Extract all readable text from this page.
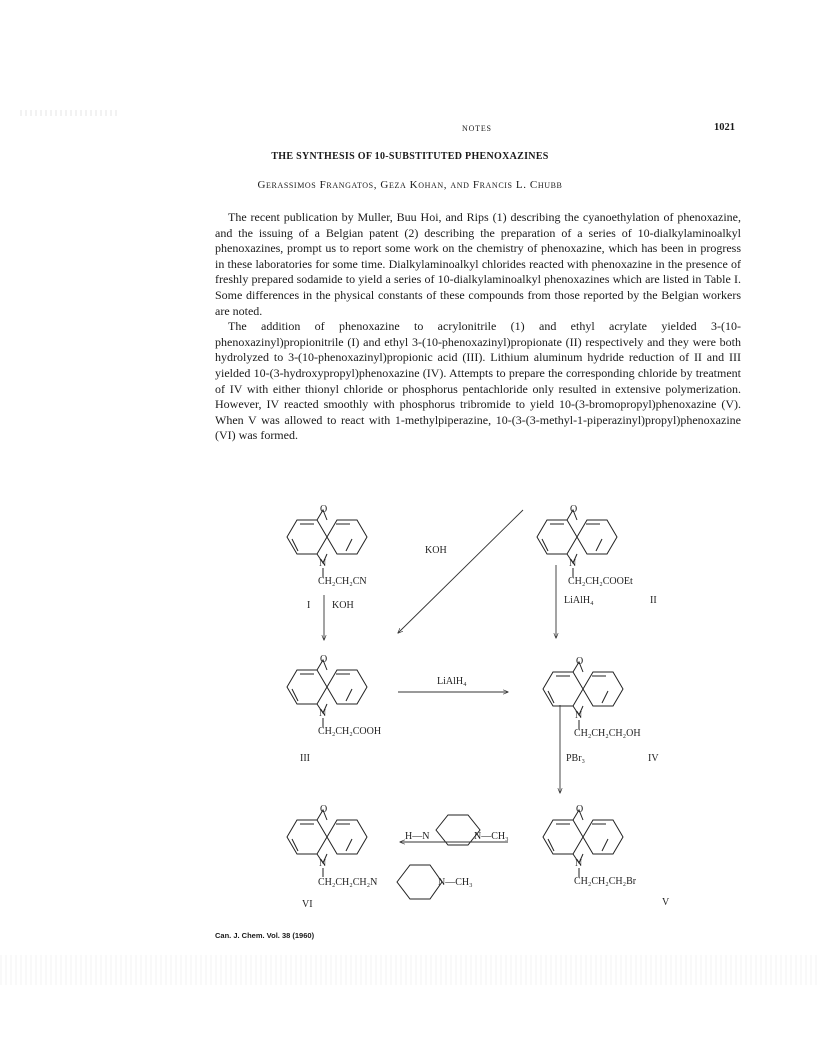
NOTES	1021
THE SYNTHESIS OF 10-SUBSTITUTED PHENOXAZINES
Gerassimos Frangatos, Geza Kohan, and Francis L. Chubb

The recent publication by Muller, Buu Hoi, and Rips (1) describing the cyanoethylation of phenoxazine, and the issuing of a Belgian patent (2) describing the preparation of a series of 10-dialkylaminoalkyl phenoxazines, prompt us to report some work on the chemistry of phenoxazine, which has been in progress in these laboratories for some time. Dialkylaminoalkyl chlorides reacted with phenoxazine in the presence of freshly prepared sodamide to yield a series of 10-dialkylaminoalkyl phenoxazines which are listed in Table I. Some differences in the physical constants of these compounds from those reported by the Belgian workers are noted.

The addition of phenoxazine to acrylonitrile (1) and ethyl acrylate yielded 3-(10-phenoxazinyl)propionitrile (I) and ethyl 3-(10-phenoxazinyl)propionate (II) respectively and they were both hydrolyzed to 3-(10-phenoxazinyl)propionic acid (III). Lithium aluminum hydride reduction of II and III yielded 10-(3-hydroxypropyl)phenoxazine (IV). Attempts to prepare the corresponding chloride by treatment of IV with either thionyl chloride or phosphorus pentachloride only resulted in extensive polymerization. However, IV reacted smoothly with phosphorus tribromide to yield 10-(3-bromopropyl)phenoxazine (V). When V was allowed to react with 1-methylpiperazine, 10-(3-(3-methyl-1-piperazinyl)propyl)phenoxazine (VI) was formed.

O
N
CH₂CH₂CN
I KOH
KOH
O
N
CH₂CH₂COOEt
LiAlH₄	II
O
N
CH₂CH₂COOH
III
LiAlH₄
O
N
CH₂CH₂CH₂OH
PBr₃	IV
H—N	N—CH₃
O
N
CH₂CH₂CH₂N	N—CH₃
VI
O
N
CH₂CH₂CH₂Br
V
Can. J. Chem. Vol. 38 (1960)
